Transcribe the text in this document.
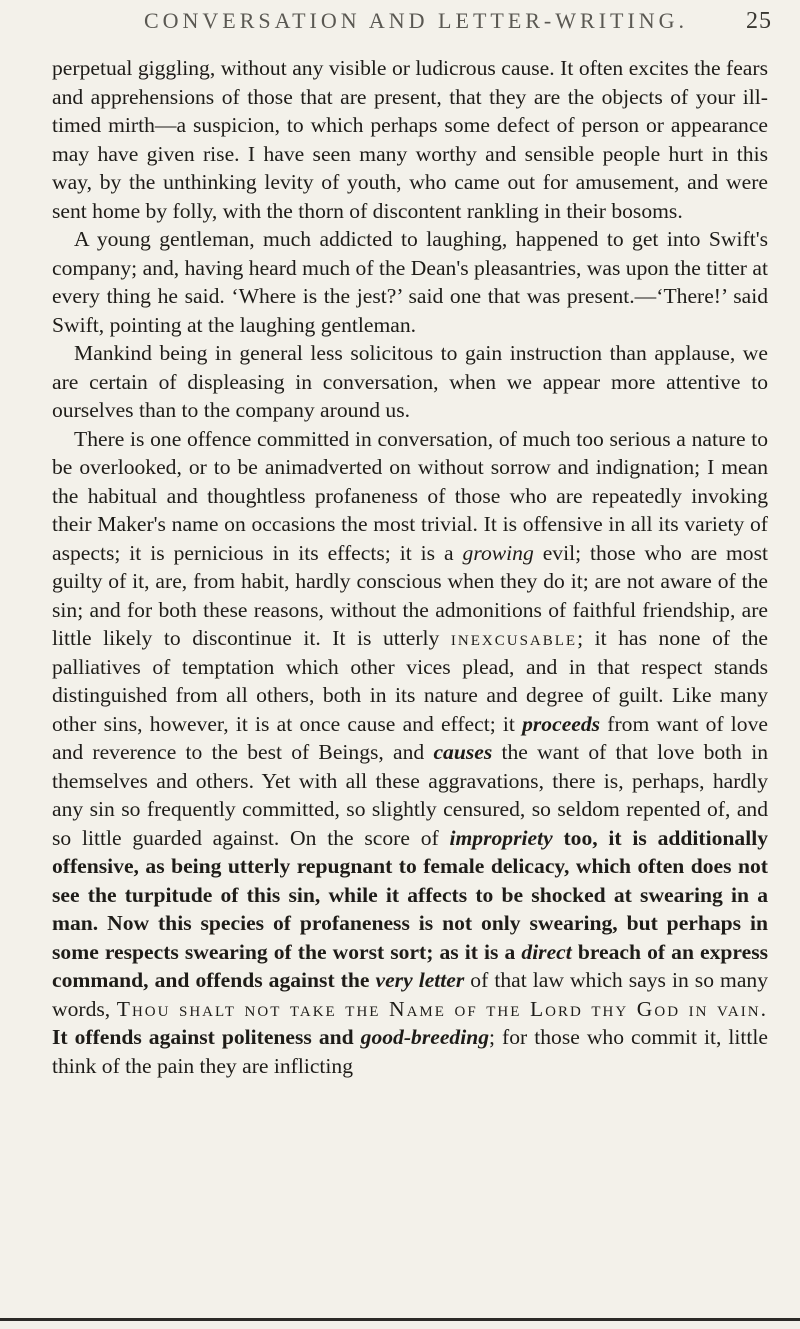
CONVERSATION AND LETTER-WRITING.	25

perpetual giggling, without any visible or ludicrous cause. It often excites the fears and apprehensions of those that are present, that they are the objects of your ill-timed mirth—a suspicion, to which perhaps some defect of person or appearance may have given rise. I have seen many worthy and sensible people hurt in this way, by the unthinking levity of youth, who came out for amusement, and were sent home by folly, with the thorn of discontent rankling in their bosoms.

A young gentleman, much addicted to laughing, happened to get into Swift's company; and, having heard much of the Dean's pleasantries, was upon the titter at every thing he said. ‘Where is the jest?’ said one that was present.—‘There!’ said Swift, pointing at the laughing gentleman.

Mankind being in general less solicitous to gain instruction than applause, we are certain of displeasing in conversation, when we appear more attentive to ourselves than to the company around us.

There is one offence committed in conversation, of much too serious a nature to be overlooked, or to be animadverted on without sorrow and indignation; I mean the habitual and thoughtless profaneness of those who are repeatedly invoking their Maker's name on occasions the most trivial. It is offensive in all its variety of aspects; it is pernicious in its effects; it is a growing evil; those who are most guilty of it, are, from habit, hardly conscious when they do it; are not aware of the sin; and for both these reasons, without the admonitions of faithful friendship, are little likely to discontinue it. It is utterly inexcusable; it has none of the palliatives of temptation which other vices plead, and in that respect stands distinguished from all others, both in its nature and degree of guilt. Like many other sins, however, it is at once cause and effect; it proceeds from want of love and reverence to the best of Beings, and causes the want of that love both in themselves and others. Yet with all these aggravations, there is, perhaps, hardly any sin so frequently committed, so slightly censured, so seldom repented of, and so little guarded against. On the score of impropriety too, it is additionally offensive, as being utterly repugnant to female delicacy, which often does not see the turpitude of this sin, while it affects to be shocked at swearing in a man. Now this species of profaneness is not only swearing, but perhaps in some respects swearing of the worst sort; as it is a direct breach of an express command, and offends against the very letter of that law which says in so many words, Thou shalt not take the Name of the Lord thy God in vain. It offends against politeness and good-breeding; for those who commit it, little think of the pain they are inflicting
